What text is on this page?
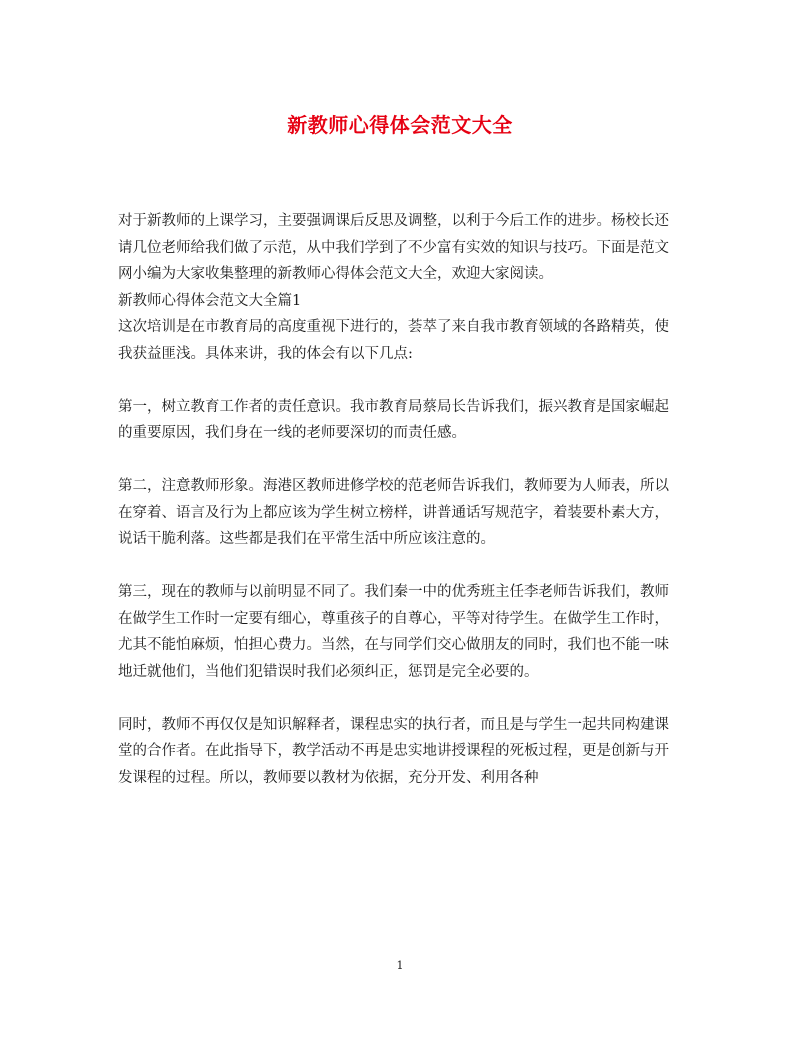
新教师心得体会范文大全

对于新教师的上课学习，主要强调课后反思及调整，以利于今后工作的进步。杨校长还请几位老师给我们做了示范，从中我们学到了不少富有实效的知识与技巧。下面是范文网小编为大家收集整理的新教师心得体会范文大全，欢迎大家阅读。

新教师心得体会范文大全篇1

这次培训是在市教育局的高度重视下进行的，荟萃了来自我市教育领域的各路精英，使我获益匪浅。具体来讲，我的体会有以下几点:

第一，树立教育工作者的责任意识。我市教育局蔡局长告诉我们，振兴教育是国家崛起的重要原因，我们身在一线的老师要深切的而责任感。

第二，注意教师形象。海港区教师进修学校的范老师告诉我们，教师要为人师表，所以在穿着、语言及行为上都应该为学生树立榜样，讲普通话写规范字，着装要朴素大方，说话干脆利落。这些都是我们在平常生活中所应该注意的。

第三，现在的教师与以前明显不同了。我们秦一中的优秀班主任李老师告诉我们，教师在做学生工作时一定要有细心，尊重孩子的自尊心，平等对待学生。在做学生工作时，尤其不能怕麻烦，怕担心费力。当然，在与同学们交心做朋友的同时，我们也不能一味地迁就他们，当他们犯错误时我们必须纠正，惩罚是完全必要的。

同时，教师不再仅仅是知识解释者，课程忠实的执行者，而且是与学生一起共同构建课堂的合作者。在此指导下，教学活动不再是忠实地讲授课程的死板过程，更是创新与开发课程的过程。所以，教师要以教材为依据，充分开发、利用各种

1
